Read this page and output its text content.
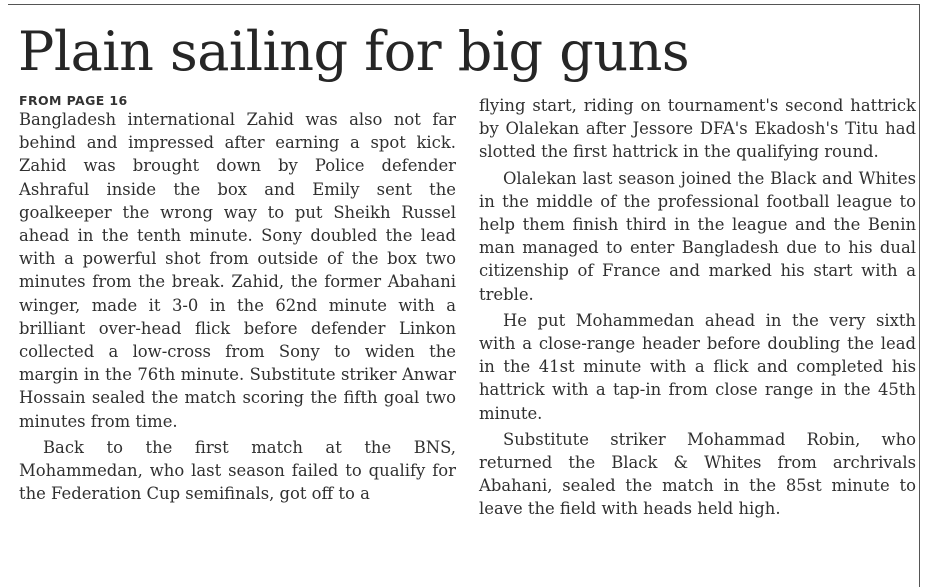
Plain sailing for big guns
FROM PAGE 16

Bangladesh international Zahid was also not far behind and impressed after earning a spot kick. Zahid was brought down by Police defender Ashraful inside the box and Emily sent the goalkeeper the wrong way to put Sheikh Russel ahead in the tenth minute. Sony doubled the lead with a powerful shot from outside of the box two minutes from the break. Zahid, the former Abahani winger, made it 3-0 in the 62nd minute with a brilliant over-head flick before defender Linkon collected a low-cross from Sony to widen the margin in the 76th minute. Substitute striker Anwar Hossain sealed the match scoring the fifth goal two minutes from time.

Back to the first match at the BNS, Mohammedan, who last season failed to qualify for the Federation Cup semifinals, got off to a

flying start, riding on tournament's second hattrick by Olalekan after Jessore DFA's Ekadosh's Titu had slotted the first hattrick in the qualifying round.

Olalekan last season joined the Black and Whites in the middle of the professional football league to help them finish third in the league and the Benin man managed to enter Bangladesh due to his dual citizenship of France and marked his start with a treble.

He put Mohammedan ahead in the very sixth with a close-range header before doubling the lead in the 41st minute with a flick and completed his hattrick with a tap-in from close range in the 45th minute.

Substitute striker Mohammad Robin, who returned the Black & Whites from archrivals Abahani, sealed the match in the 85st minute to leave the field with heads held high.
